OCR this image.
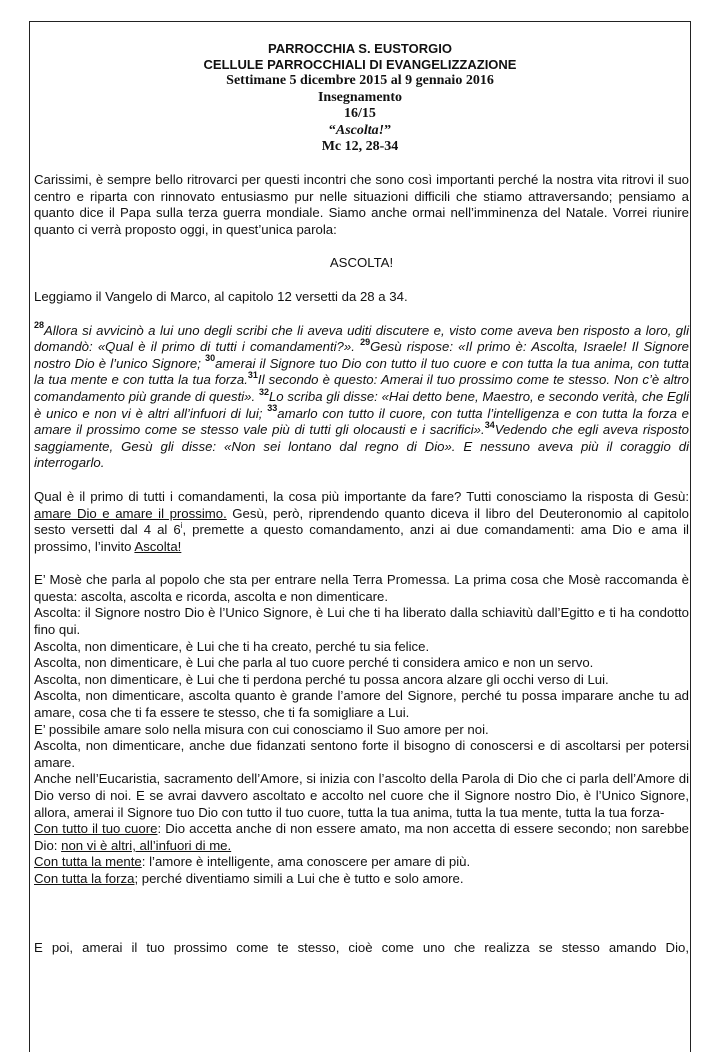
PARROCCHIA S. EUSTORGIO
CELLULE PARROCCHIALI DI EVANGELIZZAZIONE
Settimane 5 dicembre 2015 al 9 gennaio 2016
Insegnamento
16/15
“Ascolta!”
Mc 12, 28-34

Carissimi, è sempre bello ritrovarci per questi incontri che sono così importanti perché la nostra vita ritrovi il suo centro e riparta con rinnovato entusiasmo pur nelle situazioni difficili che stiamo attraversando; pensiamo a quanto dice il Papa sulla terza guerra mondiale. Siamo anche ormai nell’imminenza del Natale. Vorrei riunire quanto ci verrà proposto oggi, in quest’unica parola:

ASCOLTA!

Leggiamo il Vangelo di Marco, al capitolo 12 versetti da 28 a 34.

$^{28}$Allora si avvicinò a lui uno degli scribi che li aveva uditi discutere e, visto come aveva ben risposto a loro, gli domandò: «Qual è il primo di tutti i comandamenti?». $^{29}$Gesù rispose: «Il primo è: Ascolta, Israele! Il Signore nostro Dio è l’unico Signore; $^{30}$amerai il Signore tuo Dio con tutto il tuo cuore e con tutta la tua anima, con tutta la tua mente e con tutta la tua forza.$^{31}$Il secondo è questo: Amerai il tuo prossimo come te stesso. Non c’è altro comandamento più grande di questi». $^{32}$Lo scriba gli disse: «Hai detto bene, Maestro, e secondo verità, che Egli è unico e non vi è altri all’infuori di lui; $^{33}$amarlo con tutto il cuore, con tutta l’intelligenza e con tutta la forza e amare il prossimo come se stesso vale più di tutti gli olocausti e i sacrifici».$^{34}$Vedendo che egli aveva risposto saggiamente, Gesù gli disse: «Non sei lontano dal regno di Dio». E nessuno aveva più il coraggio di interrogarlo.

Qual è il primo di tutti i comandamenti, la cosa più importante da fare? Tutti conosciamo la risposta di Gesù: amare Dio e amare il prossimo. Gesù, però, riprendendo quanto diceva il libro del Deuteronomio al capitolo sesto versetti dal 4 al 6$^i$, premette a questo comandamento, anzi ai due comandamenti: ama Dio e ama il prossimo, l’invito Ascolta!

E’ Mosè che parla al popolo che sta per entrare nella Terra Promessa. La prima cosa che Mosè raccomanda è questa: ascolta, ascolta e ricorda, ascolta e non dimenticare.
Ascolta: il Signore nostro Dio è l’Unico Signore, è Lui che ti ha liberato dalla schiavitù dall’Egitto e ti ha condotto fino qui.
Ascolta, non dimenticare, è Lui che ti ha creato, perché tu sia felice.
Ascolta, non dimenticare, è Lui che parla al tuo cuore perché ti considera amico e non un servo.
Ascolta, non dimenticare, è Lui che ti perdona perché tu possa ancora alzare gli occhi verso di Lui.
Ascolta, non dimenticare, ascolta quanto è grande l’amore del Signore, perché tu possa imparare anche tu ad amare, cosa che ti fa essere te stesso, che ti fa somigliare a Lui.
E’ possibile amare solo nella misura con cui conosciamo il Suo amore per noi.
Ascolta, non dimenticare, anche due fidanzati sentono forte il bisogno di conoscersi e di ascoltarsi per potersi amare.
Anche nell’Eucaristia, sacramento dell’Amore, si inizia con l’ascolto della Parola di Dio che ci parla dell’Amore di Dio verso di noi. E se avrai davvero ascoltato e accolto nel cuore che il Signore nostro Dio, è l’Unico Signore, allora, amerai il Signore tuo Dio con tutto il tuo cuore, tutta la tua anima, tutta la tua mente, tutta la tua forza-
Con tutto il tuo cuore: Dio accetta anche di non essere amato, ma non accetta di essere secondo; non sarebbe Dio: non vi è altri, all’infuori di me.
Con tutta la mente: l’amore è intelligente, ama conoscere per amare di più.
Con tutta la forza; perché diventiamo simili a Lui che è tutto e solo amore.
E poi, amerai il tuo prossimo come te stesso, cioè come uno che realizza se stesso amando Dio,
